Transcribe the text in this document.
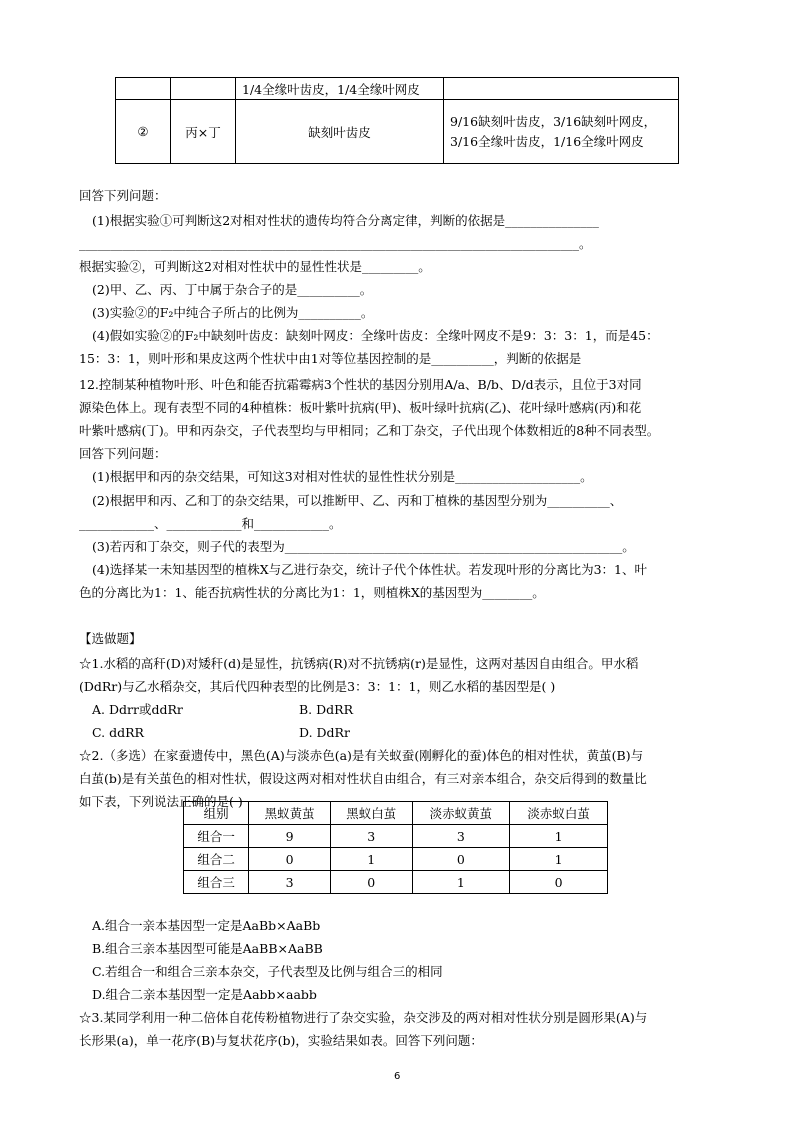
		1/4全缘叶齿皮，1/4全缘叶网皮	
②	丙×丁	缺刻叶齿皮	9/16缺刻叶齿皮，3/16缺刻叶网皮，3/16全缘叶齿皮，1/16全缘叶网皮
回答下列问题：
(1)根据实验①可判断这2对相对性状的遗传均符合分离定律，判断的依据是_______________
________________________________________________________________________________。
根据实验②，可判断这2对相对性状中的显性性状是_________。
(2)甲、乙、丙、丁中属于杂合子的是__________。
(3)实验②的F₂中纯合子所占的比例为__________。
(4)假如实验②的F₂中缺刻叶齿皮：缺刻叶网皮：全缘叶齿皮：全缘叶网皮不是9：3：3：1，而是45：
15：3：1，则叶形和果皮这两个性状中由1对等位基因控制的是__________，判断的依据是
12.控制某种植物叶形、叶色和能否抗霜霉病3个性状的基因分别用A/a、B/b、D/d表示，且位于3对同
源染色体上。现有表型不同的4种植株：板叶紫叶抗病(甲)、板叶绿叶抗病(乙)、花叶绿叶感病(丙)和花
叶紫叶感病(丁)。甲和丙杂交，子代表型均与甲相同；乙和丁杂交，子代出现个体数相近的8种不同表型。
回答下列问题：
(1)根据甲和丙的杂交结果，可知这3对相对性状的显性性状分别是____________________。
(2)根据甲和丙、乙和丁的杂交结果，可以推断甲、乙、丙和丁植株的基因型分别为__________、
____________、____________和____________。
(3)若丙和丁杂交，则子代的表型为______________________________________________________。
(4)选择某一未知基因型的植株X与乙进行杂交，统计子代个体性状。若发现叶形的分离比为3：1、叶
色的分离比为1：1、能否抗病性状的分离比为1：1，则植株X的基因型为________。
【选做题】
☆1.水稻的高秆(D)对矮秆(d)是显性，抗锈病(R)对不抗锈病(r)是显性，这两对基因自由组合。甲水稻
(DdRr)与乙水稻杂交，其后代四种表型的比例是3：3：1：1，则乙水稻的基因型是( )
A. Ddrr或ddRr	B. DdRR
C. ddRR	D. DdRr
☆2.（多选）在家蚕遗传中，黑色(A)与淡赤色(a)是有关蚁蚕(刚孵化的蚕)体色的相对性状，黄茧(B)与
白茧(b)是有关茧色的相对性状，假设这两对相对性状自由组合，有三对亲本组合，杂交后得到的数量比
如下表，下列说法正确的是( )
组别	黑蚁黄茧	黑蚁白茧	淡赤蚁黄茧	淡赤蚁白茧
组合一	9	3	3	1
组合二	0	1	0	1
组合三	3	0	1	0
A.组合一亲本基因型一定是AaBb×AaBb
B.组合三亲本基因型可能是AaBB×AaBB
C.若组合一和组合三亲本杂交，子代表型及比例与组合三的相同
D.组合二亲本基因型一定是Aabb×aabb
☆3.某同学利用一种二倍体自花传粉植物进行了杂交实验，杂交涉及的两对相对性状分别是圆形果(A)与
长形果(a)，单一花序(B)与复状花序(b)，实验结果如表。回答下列问题：
6
